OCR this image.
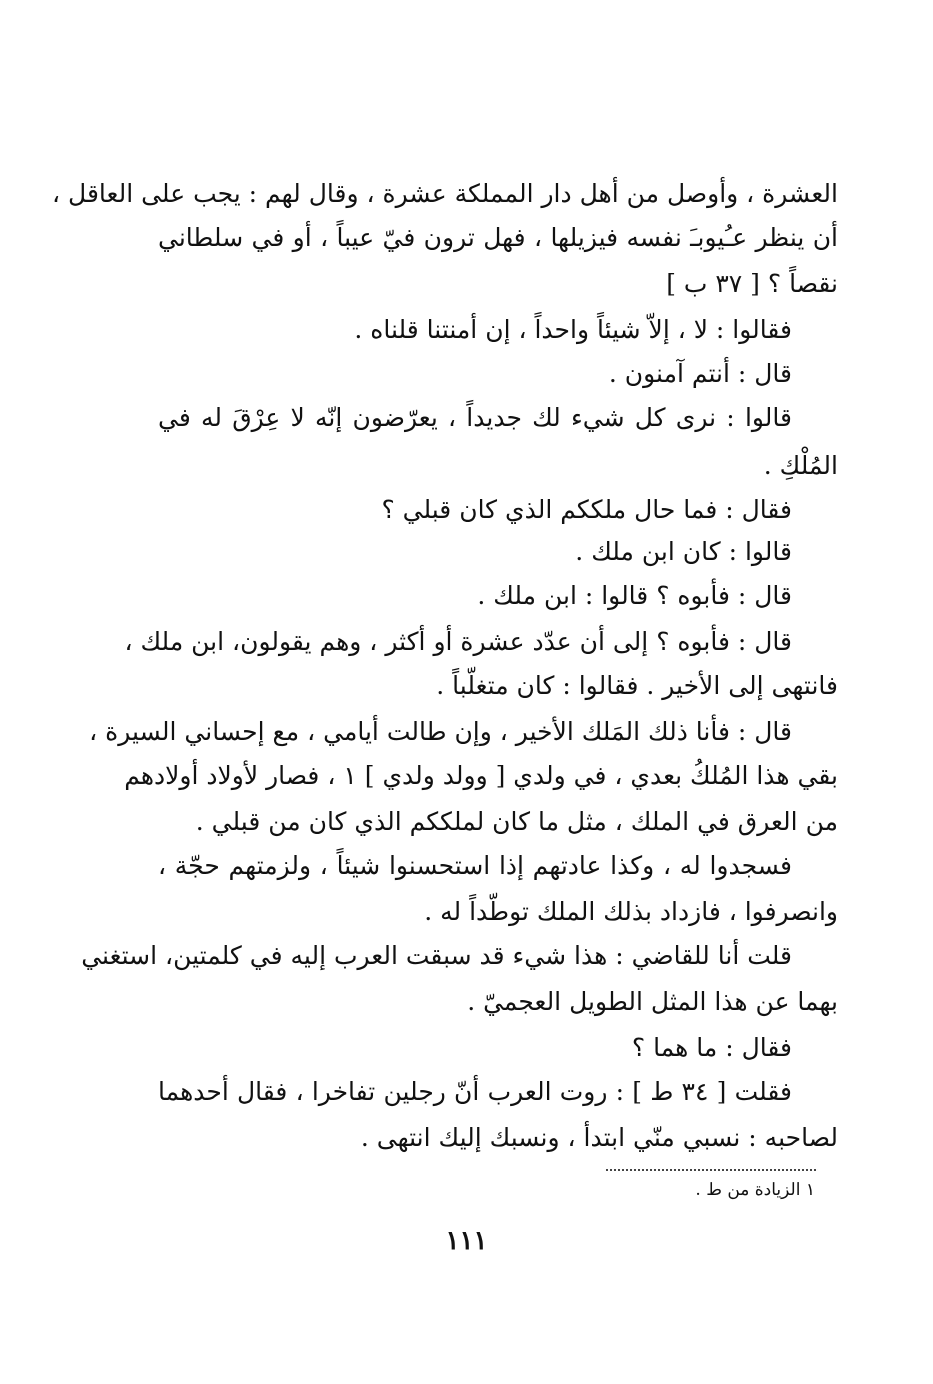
العشرة ، وأوصل من أهل دار المملكة عشرة ، وقال لهم : يجب على العاقل ،
أن ينظر عـُيوبـَ نفسه فيزيلها ، فهل ترون فيّ عيباً ، أو في سلطاني
نقصاً ؟ [ ٣٧ ب ]
فقالوا : لا ، إلاّ شيئاً واحداً ، إن أمنتنا قلناه .
قال : أنتم آمنون .
قالوا : نرى كل شيء لك جديداً ، يعرّضون إنّه لا عِرْقَ له في
المُلْكِ .
فقال : فما حال ملككم الذي كان قبلي ؟
قالوا : كان ابن ملك .
قال : فأبوه ؟ قالوا : ابن ملك .
قال : فأبوه ؟ إلى أن عدّد عشرة أو أكثر ، وهم يقولون، ابن ملك ،
فانتهى إلى الأخير . فقالوا : كان متغلّباً .
قال : فأنا ذلك المَلك الأخير ، وإن طالت أيامي ، مع إحساني السيرة ،
بقي هذا المُلكُ بعدي ، في ولدي [ وولد ولدي ] ١ ، فصار لأولاد أولادهم
من العرق في الملك ، مثل ما كان لملككم الذي كان من قبلي .
فسجدوا له ، وكذا عادتهم إذا استحسنوا شيئاً ، ولزمتهم حجّة ،
وانصرفوا ، فازداد بذلك الملك توطّداً له .
قلت أنا للقاضي : هذا شيء قد سبقت العرب إليه في كلمتين، استغني
بهما عن هذا المثل الطويل العجميّ .
فقال : ما هما ؟
فقلت [ ٣٤ ط ] : روت العرب أنّ رجلين تفاخرا ، فقال أحدهما
لصاحبه : نسبي منّي ابتدأ ، ونسبك إليك انتهى .
١ الزيادة من ط .
١١١
